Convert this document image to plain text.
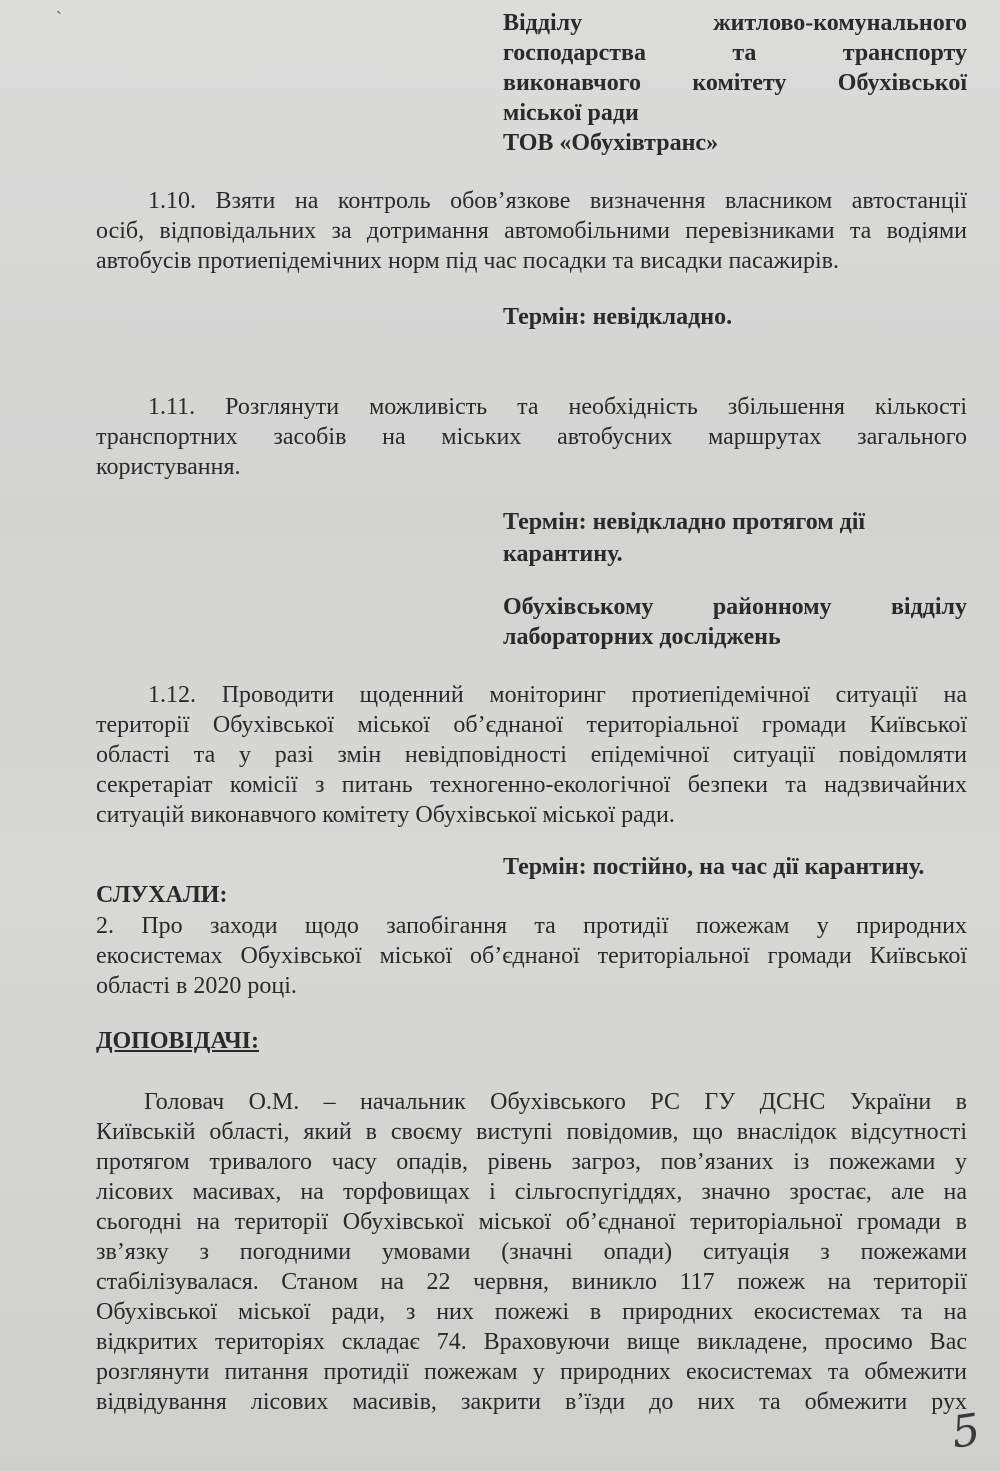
ˋ	Відділу	житлово-комунального
господарства	та	транспорту
виконавчого комітету Обухівської
міської ради
ТОВ «Обухівтранс»
1.10. Взяти на контроль обов’язкове визначення власником автостанції
осіб, відповідальних за дотримання автомобільними перевізниками та водіями
автобусів протиепідемічних норм під час посадки та висадки пасажирів.
Термін: невідкладно.
1.11. Розглянути можливість та необхідність збільшення кількості
транспортних засобів на міських автобусних маршрутах загального
користування.
Термін: невідкладно протягом дії
карантину.
Обухівському районному відділу
лабораторних досліджень
1.12. Проводити щоденний моніторинг протиепідемічної ситуації на
території Обухівської міської об’єднаної територіальної громади Київської
області та у разі змін невідповідності епідемічної ситуації повідомляти
секретаріат комісії з питань техногенно-екологічної безпеки та надзвичайних
ситуацій виконавчого комітету Обухівської міської ради.
Термін: постійно, на час дії карантину.
СЛУХАЛИ:
2. Про заходи щодо запобігання та протидії пожежам у природних
екосистемах Обухівської міської об’єднаної територіальної громади Київської
області в 2020 році.
ДОПОВІДАЧІ:
Головач О.М. – начальник Обухівського РС ГУ ДСНС України в
Київській області, який в своєму виступі повідомив, що внаслідок відсутності
протягом тривалого часу опадів, рівень загроз, пов’язаних із пожежами у
лісових масивах, на торфовищах і сільгоспугіддях, значно зростає, але на
сьогодні на території Обухівської міської об’єднаної територіальної громади в
зв’язку з погодними умовами (значні опади) ситуація з пожежами
стабілізувалася. Станом на 22 червня, виникло 117 пожеж на території
Обухівської міської ради, з них пожежі в природних екосистемах та на
відкритих територіях складає 74. Враховуючи вище викладене, просимо Вас
розглянути питання протидії пожежам у природних екосистемах та обмежити
відвідування лісових масивів, закрити в’їзди до них та обмежити рух
5
